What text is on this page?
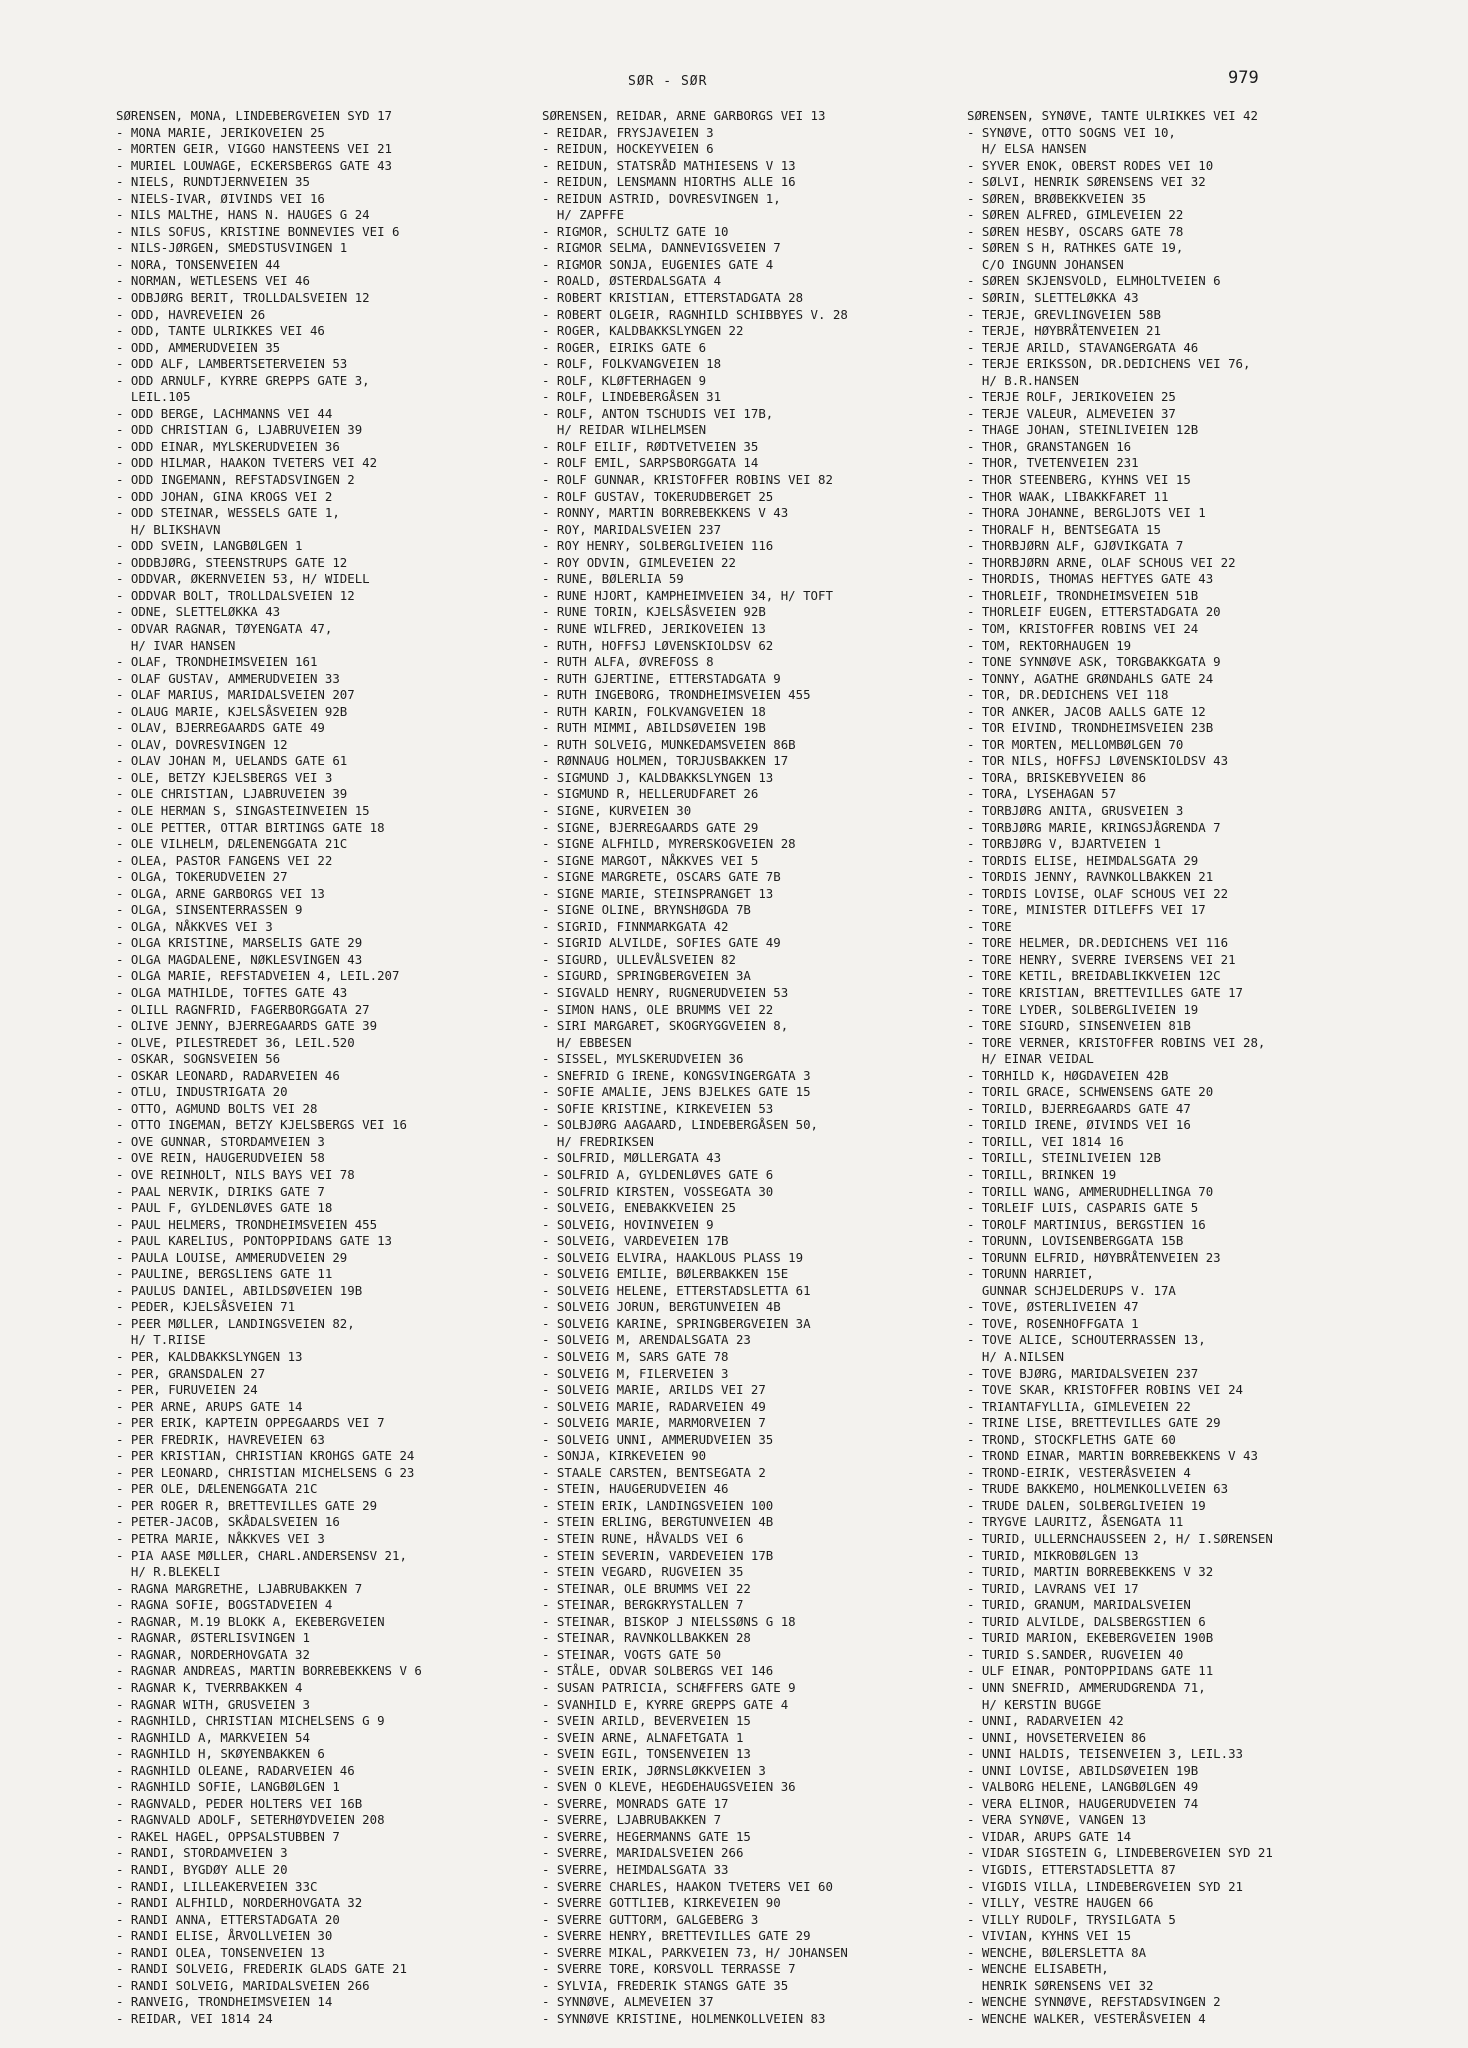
SØR - SØR	979
SØRENSEN, MONA, LINDEBERGVEIEN SYD 17
- MONA MARIE, JERIKOVEIEN 25
- MORTEN GEIR, VIGGO HANSTEENS VEI 21
- MURIEL LOUWAGE, ECKERSBERGS GATE 43
- NIELS, RUNDTJERNVEIEN 35
- NIELS-IVAR, ØIVINDS VEI 16
- NILS MALTHE, HANS N. HAUGES G 24
- NILS SOFUS, KRISTINE BONNEVIES VEI 6
- NILS-JØRGEN, SMEDSTUSVINGEN 1
- NORA, TONSENVEIEN 44
- NORMAN, WETLESENS VEI 46
- ODBJØRG BERIT, TROLLDALSVEIEN 12
- ODD, HAVREVEIEN 26
- ODD, TANTE ULRIKKES VEI 46
- ODD, AMMERUDVEIEN 35
- ODD ALF, LAMBERTSETERVEIEN 53
- ODD ARNULF, KYRRE GREPPS GATE 3,
LEIL.105
- ODD BERGE, LACHMANNS VEI 44
- ODD CHRISTIAN G, LJABRUVEIEN 39
- ODD EINAR, MYLSKERUDVEIEN 36
- ODD HILMAR, HAAKON TVETERS VEI 42
- ODD INGEMANN, REFSTADSVINGEN 2
- ODD JOHAN, GINA KROGS VEI 2
- ODD STEINAR, WESSELS GATE 1,
H/ BLIKSHAVN
- ODD SVEIN, LANGBØLGEN 1
- ODDBJØRG, STEENSTRUPS GATE 12
- ODDVAR, ØKERNVEIEN 53, H/ WIDELL
- ODDVAR BOLT, TROLLDALSVEIEN 12
- ODNE, SLETTELØKKA 43
- ODVAR RAGNAR, TØYENGATA 47,
H/ IVAR HANSEN
- OLAF, TRONDHEIMSVEIEN 161
- OLAF GUSTAV, AMMERUDVEIEN 33
- OLAF MARIUS, MARIDALSVEIEN 207
- OLAUG MARIE, KJELSÅSVEIEN 92B
- OLAV, BJERREGAARDS GATE 49
- OLAV, DOVRESVINGEN 12
- OLAV JOHAN M, UELANDS GATE 61
- OLE, BETZY KJELSBERGS VEI 3
- OLE CHRISTIAN, LJABRUVEIEN 39
- OLE HERMAN S, SINGASTEINVEIEN 15
- OLE PETTER, OTTAR BIRTINGS GATE 18
- OLE VILHELM, DÆLENENGGATA 21C
- OLEA, PASTOR FANGENS VEI 22
- OLGA, TOKERUDVEIEN 27
- OLGA, ARNE GARBORGS VEI 13
- OLGA, SINSENTERRASSEN 9
- OLGA, NÅKKVES VEI 3
- OLGA KRISTINE, MARSELIS GATE 29
- OLGA MAGDALENE, NØKLESVINGEN 43
- OLGA MARIE, REFSTADVEIEN 4, LEIL.207
- OLGA MATHILDE, TOFTES GATE 43
- OLILL RAGNFRID, FAGERBORGGATA 27
- OLIVE JENNY, BJERREGAARDS GATE 39
- OLVE, PILESTREDET 36, LEIL.520
- OSKAR, SOGNSVEIEN 56
- OSKAR LEONARD, RADARVEIEN 46
- OTLU, INDUSTRIGATA 20
- OTTO, AGMUND BOLTS VEI 28
- OTTO INGEMAN, BETZY KJELSBERGS VEI 16
- OVE GUNNAR, STORDAMVEIEN 3
- OVE REIN, HAUGERUDVEIEN 58
- OVE REINHOLT, NILS BAYS VEI 78
- PAAL NERVIK, DIRIKS GATE 7
- PAUL F, GYLDENLØVES GATE 18
- PAUL HELMERS, TRONDHEIMSVEIEN 455
- PAUL KARELIUS, PONTOPPIDANS GATE 13
- PAULA LOUISE, AMMERUDVEIEN 29
- PAULINE, BERGSLIENS GATE 11
- PAULUS DANIEL, ABILDSØVEIEN 19B
- PEDER, KJELSÅSVEIEN 71
- PEER MØLLER, LANDINGSVEIEN 82,
H/ T.RIISE
- PER, KALDBAKKSLYNGEN 13
- PER, GRANSDALEN 27
- PER, FURUVEIEN 24
- PER ARNE, ARUPS GATE 14
- PER ERIK, KAPTEIN OPPEGAARDS VEI 7
- PER FREDRIK, HAVREVEIEN 63
- PER KRISTIAN, CHRISTIAN KROHGS GATE 24
- PER LEONARD, CHRISTIAN MICHELSENS G 23
- PER OLE, DÆLENENGGATA 21C
- PER ROGER R, BRETTEVILLES GATE 29
- PETER-JACOB, SKÅDALSVEIEN 16
- PETRA MARIE, NÅKKVES VEI 3
- PIA AASE MØLLER, CHARL.ANDERSENSV 21,
H/ R.BLEKELI
- RAGNA MARGRETHE, LJABRUBAKKEN 7
- RAGNA SOFIE, BOGSTADVEIEN 4
- RAGNAR, M.19 BLOKK A, EKEBERGVEIEN
- RAGNAR, ØSTERLISVINGEN 1
- RAGNAR, NORDERHOVGATA 32
- RAGNAR ANDREAS, MARTIN BORREBEKKENS V 6
- RAGNAR K, TVERRBAKKEN 4
- RAGNAR WITH, GRUSVEIEN 3
- RAGNHILD, CHRISTIAN MICHELSENS G 9
- RAGNHILD A, MARKVEIEN 54
- RAGNHILD H, SKØYENBAKKEN 6
- RAGNHILD OLEANE, RADARVEIEN 46
- RAGNHILD SOFIE, LANGBØLGEN 1
- RAGNVALD, PEDER HOLTERS VEI 16B
- RAGNVALD ADOLF, SETERHØYDVEIEN 208
- RAKEL HAGEL, OPPSALSTUBBEN 7
- RANDI, STORDAMVEIEN 3
- RANDI, BYGDØY ALLE 20
- RANDI, LILLEAKERVEIEN 33C
- RANDI ALFHILD, NORDERHOVGATA 32
- RANDI ANNA, ETTERSTADGATA 20
- RANDI ELISE, ÅRVOLLVEIEN 30
- RANDI OLEA, TONSENVEIEN 13
- RANDI SOLVEIG, FREDERIK GLADS GATE 21
- RANDI SOLVEIG, MARIDALSVEIEN 266
- RANVEIG, TRONDHEIMSVEIEN 14
- REIDAR, VEI 1814 24
SØRENSEN, REIDAR, ARNE GARBORGS VEI 13
- REIDAR, FRYSJAVEIEN 3
- REIDUN, HOCKEYVEIEN 6
- REIDUN, STATSRÅD MATHIESENS V 13
- REIDUN, LENSMANN HIORTHS ALLE 16
- REIDUN ASTRID, DOVRESVINGEN 1,
H/ ZAPFFE
- RIGMOR, SCHULTZ GATE 10
- RIGMOR SELMA, DANNEVIGSVEIEN 7
- RIGMOR SONJA, EUGENIES GATE 4
- ROALD, ØSTERDALSGATA 4
- ROBERT KRISTIAN, ETTERSTADGATA 28
- ROBERT OLGEIR, RAGNHILD SCHIBBYES V. 28
- ROGER, KALDBAKKSLYNGEN 22
- ROGER, EIRIKS GATE 6
- ROLF, FOLKVANGVEIEN 18
- ROLF, KLØFTERHAGEN 9
- ROLF, LINDEBERGÅSEN 31
- ROLF, ANTON TSCHUDIS VEI 17B,
H/ REIDAR WILHELMSEN
- ROLF EILIF, RØDTVETVEIEN 35
- ROLF EMIL, SARPSBORGGATA 14
- ROLF GUNNAR, KRISTOFFER ROBINS VEI 82
- ROLF GUSTAV, TOKERUDBERGET 25
- RONNY, MARTIN BORREBEKKENS V 43
- ROY, MARIDALSVEIEN 237
- ROY HENRY, SOLBERGLIVEIEN 116
- ROY ODVIN, GIMLEVEIEN 22
- RUNE, BØLERLIA 59
- RUNE HJORT, KAMPHEIMVEIEN 34, H/ TOFT
- RUNE TORIN, KJELSÅSVEIEN 92B
- RUNE WILFRED, JERIKOVEIEN 13
- RUTH, HOFFSJ LØVENSKIOLDSV 62
- RUTH ALFA, ØVREFOSS 8
- RUTH GJERTINE, ETTERSTADGATA 9
- RUTH INGEBORG, TRONDHEIMSVEIEN 455
- RUTH KARIN, FOLKVANGVEIEN 18
- RUTH MIMMI, ABILDSØVEIEN 19B
- RUTH SOLVEIG, MUNKEDAMSVEIEN 86B
- RØNNAUG HOLMEN, TORJUSBAKKEN 17
- SIGMUND J, KALDBAKKSLYNGEN 13
- SIGMUND R, HELLERUDFARET 26
- SIGNE, KURVEIEN 30
- SIGNE, BJERREGAARDS GATE 29
- SIGNE ALFHILD, MYRERSKOGVEIEN 28
- SIGNE MARGOT, NÅKKVES VEI 5
- SIGNE MARGRETE, OSCARS GATE 7B
- SIGNE MARIE, STEINSPRANGET 13
- SIGNE OLINE, BRYNSHØGDA 7B
- SIGRID, FINNMARKGATA 42
- SIGRID ALVILDE, SOFIES GATE 49
- SIGURD, ULLEVÅLSVEIEN 82
- SIGURD, SPRINGBERGVEIEN 3A
- SIGVALD HENRY, RUGNERUDVEIEN 53
- SIMON HANS, OLE BRUMMS VEI 22
- SIRI MARGARET, SKOGRYGGVEIEN 8,
H/ EBBESEN
- SISSEL, MYLSKERUDVEIEN 36
- SNEFRID G IRENE, KONGSVINGERGATA 3
- SOFIE AMALIE, JENS BJELKES GATE 15
- SOFIE KRISTINE, KIRKEVEIEN 53
- SOLBJØRG AAGAARD, LINDEBERGÅSEN 50,
H/ FREDRIKSEN
- SOLFRID, MØLLERGATA 43
- SOLFRID A, GYLDENLØVES GATE 6
- SOLFRID KIRSTEN, VOSSEGATA 30
- SOLVEIG, ENEBAKKVEIEN 25
- SOLVEIG, HOVINVEIEN 9
- SOLVEIG, VARDEVEIEN 17B
- SOLVEIG ELVIRA, HAAKLOUS PLASS 19
- SOLVEIG EMILIE, BØLERBAKKEN 15E
- SOLVEIG HELENE, ETTERSTADSLETTA 61
- SOLVEIG JORUN, BERGTUNVEIEN 4B
- SOLVEIG KARINE, SPRINGBERGVEIEN 3A
- SOLVEIG M, ARENDALSGATA 23
- SOLVEIG M, SARS GATE 78
- SOLVEIG M, FILERVEIEN 3
- SOLVEIG MARIE, ARILDS VEI 27
- SOLVEIG MARIE, RADARVEIEN 49
- SOLVEIG MARIE, MARMORVEIEN 7
- SOLVEIG UNNI, AMMERUDVEIEN 35
- SONJA, KIRKEVEIEN 90
- STAALE CARSTEN, BENTSEGATA 2
- STEIN, HAUGERUDVEIEN 46
- STEIN ERIK, LANDINGSVEIEN 100
- STEIN ERLING, BERGTUNVEIEN 4B
- STEIN RUNE, HÅVALDS VEI 6
- STEIN SEVERIN, VARDEVEIEN 17B
- STEIN VEGARD, RUGVEIEN 35
- STEINAR, OLE BRUMMS VEI 22
- STEINAR, BERGKRYSTALLEN 7
- STEINAR, BISKOP J NIELSSØNS G 18
- STEINAR, RAVNKOLLBAKKEN 28
- STEINAR, VOGTS GATE 50
- STÅLE, ODVAR SOLBERGS VEI 146
- SUSAN PATRICIA, SCHÆFFERS GATE 9
- SVANHILD E, KYRRE GREPPS GATE 4
- SVEIN ARILD, BEVERVEIEN 15
- SVEIN ARNE, ALNAFETGATA 1
- SVEIN EGIL, TONSENVEIEN 13
- SVEIN ERIK, JØRNSLØKKVEIEN 3
- SVEN O KLEVE, HEGDEHAUGSVEIEN 36
- SVERRE, MONRADS GATE 17
- SVERRE, LJABRUBAKKEN 7
- SVERRE, HEGERMANNS GATE 15
- SVERRE, MARIDALSVEIEN 266
- SVERRE, HEIMDALSGATA 33
- SVERRE CHARLES, HAAKON TVETERS VEI 60
- SVERRE GOTTLIEB, KIRKEVEIEN 90
- SVERRE GUTTORM, GALGEBERG 3
- SVERRE HENRY, BRETTEVILLES GATE 29
- SVERRE MIKAL, PARKVEIEN 73, H/ JOHANSEN
- SVERRE TORE, KORSVOLL TERRASSE 7
- SYLVIA, FREDERIK STANGS GATE 35
- SYNNØVE, ALMEVEIEN 37
- SYNNØVE KRISTINE, HOLMENKOLLVEIEN 83
SØRENSEN, SYNØVE, TANTE ULRIKKES VEI 42
- SYNØVE, OTTO SOGNS VEI 10,
H/ ELSA HANSEN
- SYVER ENOK, OBERST RODES VEI 10
- SØLVI, HENRIK SØRENSENS VEI 32
- SØREN, BRØBEKKVEIEN 35
- SØREN ALFRED, GIMLEVEIEN 22
- SØREN HESBY, OSCARS GATE 78
- SØREN S H, RATHKES GATE 19,
C/O INGUNN JOHANSEN
- SØREN SKJENSVOLD, ELMHOLTVEIEN 6
- SØRIN, SLETTELØKKA 43
- TERJE, GREVLINGVEIEN 58B
- TERJE, HØYBRÅTENVEIEN 21
- TERJE ARILD, STAVANGERGATA 46
- TERJE ERIKSSON, DR.DEDICHENS VEI 76,
H/ B.R.HANSEN
- TERJE ROLF, JERIKOVEIEN 25
- TERJE VALEUR, ALMEVEIEN 37
- THAGE JOHAN, STEINLIVEIEN 12B
- THOR, GRANSTANGEN 16
- THOR, TVETENVEIEN 231
- THOR STEENBERG, KYHNS VEI 15
- THOR WAAK, LIBAKKFARET 11
- THORA JOHANNE, BERGLJOTS VEI 1
- THORALF H, BENTSEGATA 15
- THORBJØRN ALF, GJØVIKGATA 7
- THORBJØRN ARNE, OLAF SCHOUS VEI 22
- THORDIS, THOMAS HEFTYES GATE 43
- THORLEIF, TRONDHEIMSVEIEN 51B
- THORLEIF EUGEN, ETTERSTADGATA 20
- TOM, KRISTOFFER ROBINS VEI 24
- TOM, REKTORHAUGEN 19
- TONE SYNNØVE ASK, TORGBAKKGATA 9
- TONNY, AGATHE GRØNDAHLS GATE 24
- TOR, DR.DEDICHENS VEI 118
- TOR ANKER, JACOB AALLS GATE 12
- TOR EIVIND, TRONDHEIMSVEIEN 23B
- TOR MORTEN, MELLOMBØLGEN 70
- TOR NILS, HOFFSJ LØVENSKIOLDSV 43
- TORA, BRISKEBYVEIEN 86
- TORA, LYSEHAGAN 57
- TORBJØRG ANITA, GRUSVEIEN 3
- TORBJØRG MARIE, KRINGSJÅGRENDA 7
- TORBJØRG V, BJARTVEIEN 1
- TORDIS ELISE, HEIMDALSGATA 29
- TORDIS JENNY, RAVNKOLLBAKKEN 21
- TORDIS LOVISE, OLAF SCHOUS VEI 22
- TORE, MINISTER DITLEFFS VEI 17
- TORE
- TORE HELMER, DR.DEDICHENS VEI 116
- TORE HENRY, SVERRE IVERSENS VEI 21
- TORE KETIL, BREIDABLIKKVEIEN 12C
- TORE KRISTIAN, BRETTEVILLES GATE 17
- TORE LYDER, SOLBERGLIVEIEN 19
- TORE SIGURD, SINSENVEIEN 81B
- TORE VERNER, KRISTOFFER ROBINS VEI 28,
H/ EINAR VEIDAL
- TORHILD K, HØGDAVEIEN 42B
- TORIL GRACE, SCHWENSENS GATE 20
- TORILD, BJERREGAARDS GATE 47
- TORILD IRENE, ØIVINDS VEI 16
- TORILL, VEI 1814 16
- TORILL, STEINLIVEIEN 12B
- TORILL, BRINKEN 19
- TORILL WANG, AMMERUDHELLINGA 70
- TORLEIF LUIS, CASPARIS GATE 5
- TOROLF MARTINIUS, BERGSTIEN 16
- TORUNN, LOVISENBERGGATA 15B
- TORUNN ELFRID, HØYBRÅTENVEIEN 23
- TORUNN HARRIET,
GUNNAR SCHJELDERUPS V. 17A
- TOVE, ØSTERLIVEIEN 47
- TOVE, ROSENHOFFGATA 1
- TOVE ALICE, SCHOUTERRASSEN 13,
H/ A.NILSEN
- TOVE BJØRG, MARIDALSVEIEN 237
- TOVE SKAR, KRISTOFFER ROBINS VEI 24
- TRIANTAFYLLIA, GIMLEVEIEN 22
- TRINE LISE, BRETTEVILLES GATE 29
- TROND, STOCKFLETHS GATE 60
- TROND EINAR, MARTIN BORREBEKKENS V 43
- TROND-EIRIK, VESTERÅSVEIEN 4
- TRUDE BAKKEMO, HOLMENKOLLVEIEN 63
- TRUDE DALEN, SOLBERGLIVEIEN 19
- TRYGVE LAURITZ, ÅSENGATA 11
- TURID, ULLERNCHAUSSEEN 2, H/ I.SØRENSEN
- TURID, MIKROBØLGEN 13
- TURID, MARTIN BORREBEKKENS V 32
- TURID, LAVRANS VEI 17
- TURID, GRANUM, MARIDALSVEIEN
- TURID ALVILDE, DALSBERGSTIEN 6
- TURID MARION, EKEBERGVEIEN 190B
- TURID S.SANDER, RUGVEIEN 40
- ULF EINAR, PONTOPPIDANS GATE 11
- UNN SNEFRID, AMMERUDGRENDA 71,
H/ KERSTIN BUGGE
- UNNI, RADARVEIEN 42
- UNNI, HOVSETERVEIEN 86
- UNNI HALDIS, TEISENVEIEN 3, LEIL.33
- UNNI LOVISE, ABILDSØVEIEN 19B
- VALBORG HELENE, LANGBØLGEN 49
- VERA ELINOR, HAUGERUDVEIEN 74
- VERA SYNØVE, VANGEN 13
- VIDAR, ARUPS GATE 14
- VIDAR SIGSTEIN G, LINDEBERGVEIEN SYD 21
- VIGDIS, ETTERSTADSLETTA 87
- VIGDIS VILLA, LINDEBERGVEIEN SYD 21
- VILLY, VESTRE HAUGEN 66
- VILLY RUDOLF, TRYSILGATA 5
- VIVIAN, KYHNS VEI 15
- WENCHE, BØLERSLETTA 8A
- WENCHE ELISABETH,
HENRIK SØRENSENS VEI 32
- WENCHE SYNNØVE, REFSTADSVINGEN 2
- WENCHE WALKER, VESTERÅSVEIEN 4
